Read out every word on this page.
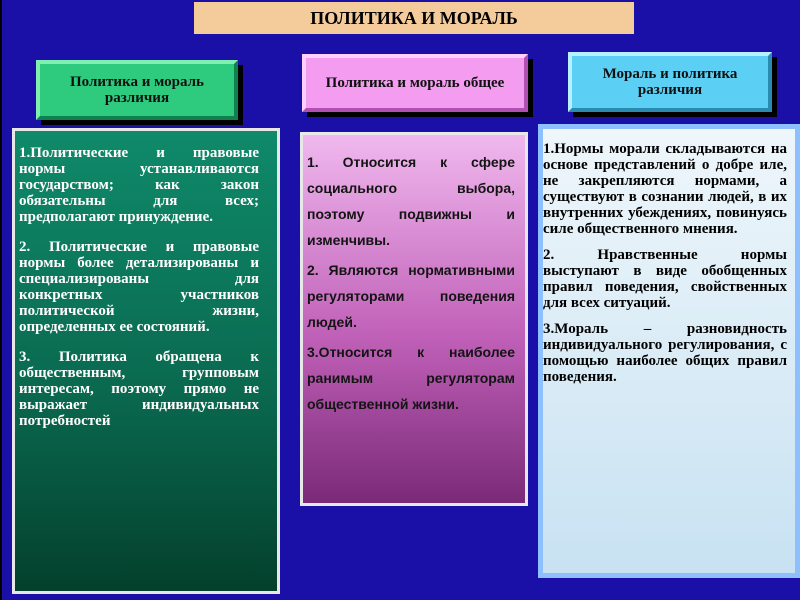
ПОЛИТИКА И МОРАЛЬ
Политика и мораль различия
Политика и мораль общее
Мораль и политика различия
1.Политические и правовые нормы устанавливаются государством; как закон обязательны для всех; предполагают принуждение.
2. Политические и правовые нормы более детализированы и специализированы для конкретных участников политической жизни, определенных ее состояний.
3. Политика обращена к общественным, групповым интересам, поэтому прямо не выражает индивидуальных потребностей
1. Относится к сфере социального выбора, поэтому подвижны и изменчивы.
2. Являются нормативными регуляторами поведения людей.
3.Относится к наиболее ранимым регуляторам общественной жизни.
1.Нормы морали складываются на основе представлений о добре иле, не закрепляются нормами, а существуют в сознании людей, в их внутренних убеждениях, повинуясь силе общественного мнения.
2. Нравственные нормы выступают в виде обобщенных правил поведения, свойственных для всех ситуаций.
3.Мораль – разновидность индивидуального регулирования, с помощью наиболее общих правил поведения.
